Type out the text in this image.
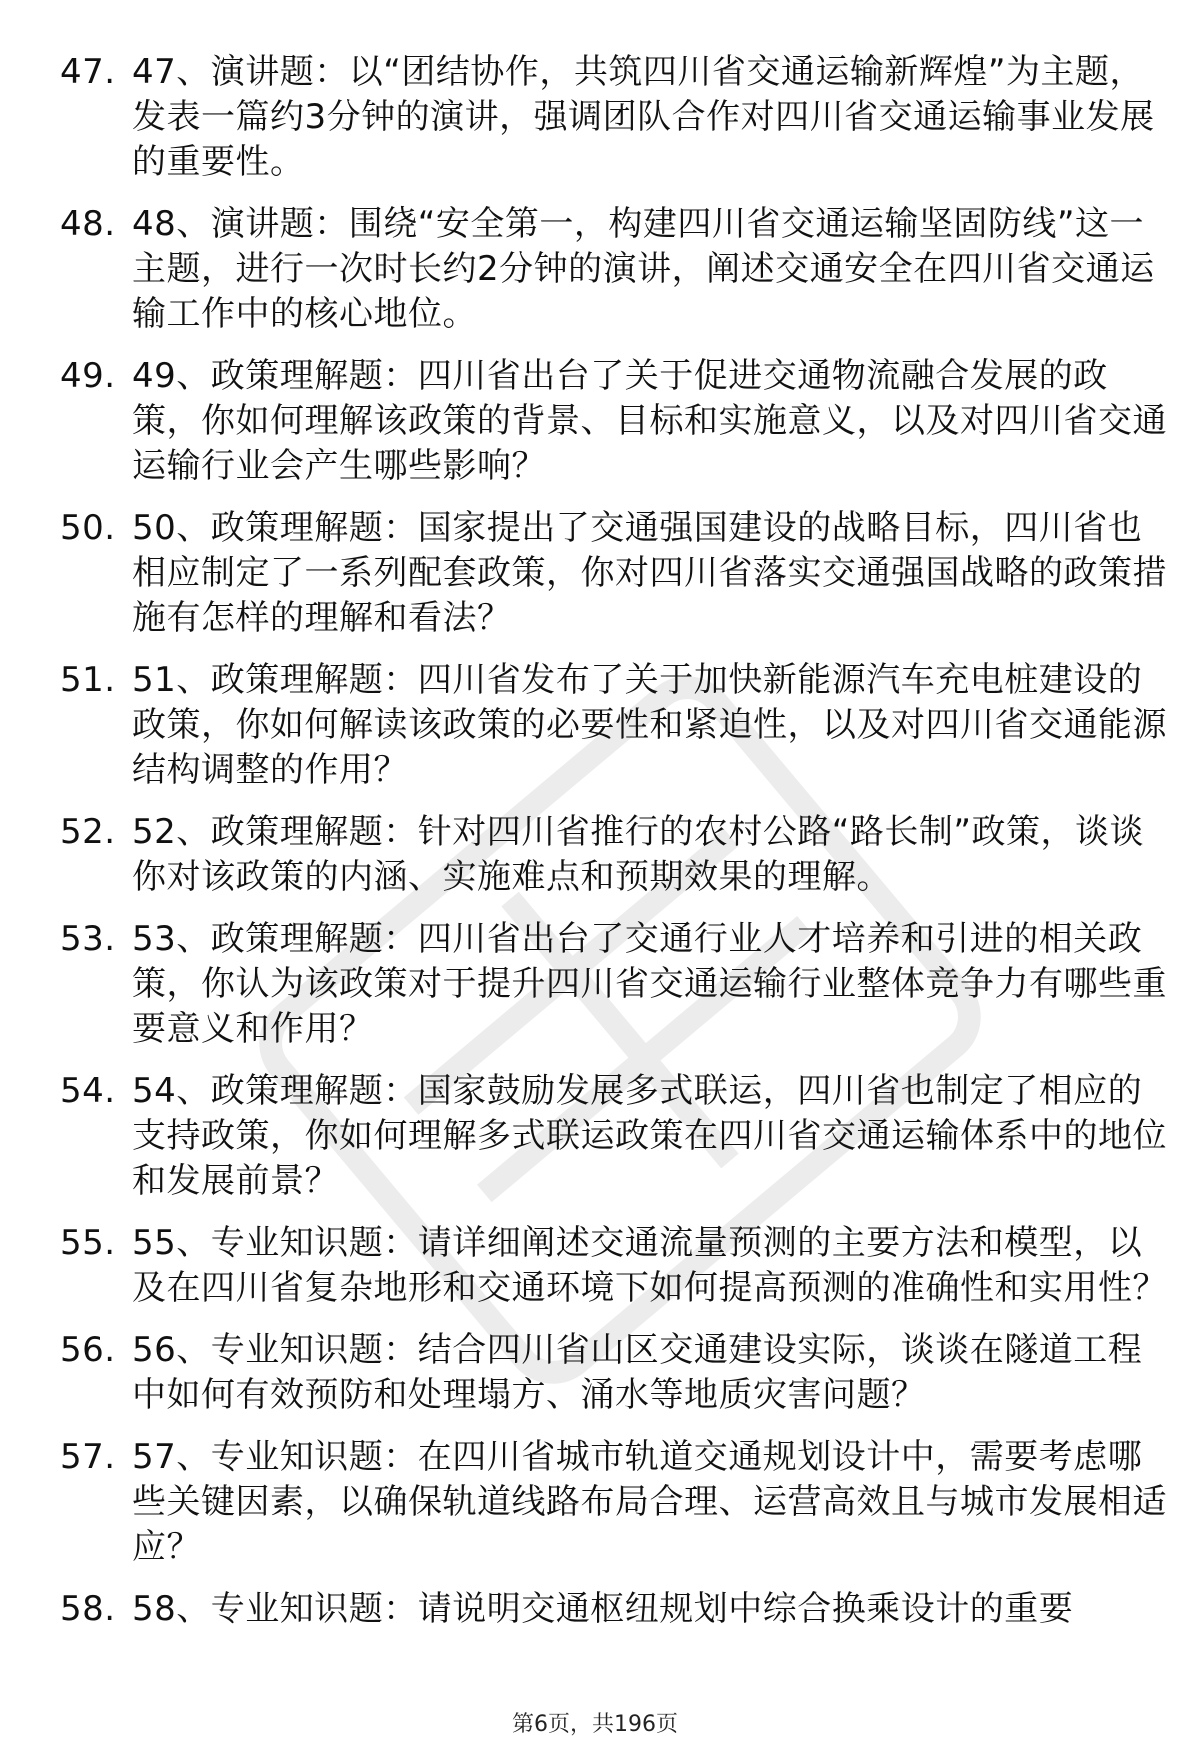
47. 47、演讲题：以“团结协作，共筑四川省交通运输新辉煌”为主题，发表一篇约3分钟的演讲，强调团队合作对四川省交通运输事业发展的重要性。
48. 48、演讲题：围绕“安全第一，构建四川省交通运输坚固防线”这一主题，进行一次时长约2分钟的演讲，阐述交通安全在四川省交通运输工作中的核心地位。
49. 49、政策理解题：四川省出台了关于促进交通物流融合发展的政策，你如何理解该政策的背景、目标和实施意义，以及对四川省交通运输行业会产生哪些影响？
50. 50、政策理解题：国家提出了交通强国建设的战略目标，四川省也相应制定了一系列配套政策，你对四川省落实交通强国战略的政策措施有怎样的理解和看法？
51. 51、政策理解题：四川省发布了关于加快新能源汽车充电桩建设的政策，你如何解读该政策的必要性和紧迫性，以及对四川省交通能源结构调整的作用？
52. 52、政策理解题：针对四川省推行的农村公路“路长制”政策，谈谈你对该政策的内涵、实施难点和预期效果的理解。
53. 53、政策理解题：四川省出台了交通行业人才培养和引进的相关政策，你认为该政策对于提升四川省交通运输行业整体竞争力有哪些重要意义和作用？
54. 54、政策理解题：国家鼓励发展多式联运，四川省也制定了相应的支持政策，你如何理解多式联运政策在四川省交通运输体系中的地位和发展前景？
55. 55、专业知识题：请详细阐述交通流量预测的主要方法和模型，以及在四川省复杂地形和交通环境下如何提高预测的准确性和实用性？
56. 56、专业知识题：结合四川省山区交通建设实际，谈谈在隧道工程中如何有效预防和处理塌方、涌水等地质灾害问题？
57. 57、专业知识题：在四川省城市轨道交通规划设计中，需要考虑哪些关键因素，以确保轨道线路布局合理、运营高效且与城市发展相适应？
58. 58、专业知识题：请说明交通枢纽规划中综合换乘设计的重要
第6页，共196页
